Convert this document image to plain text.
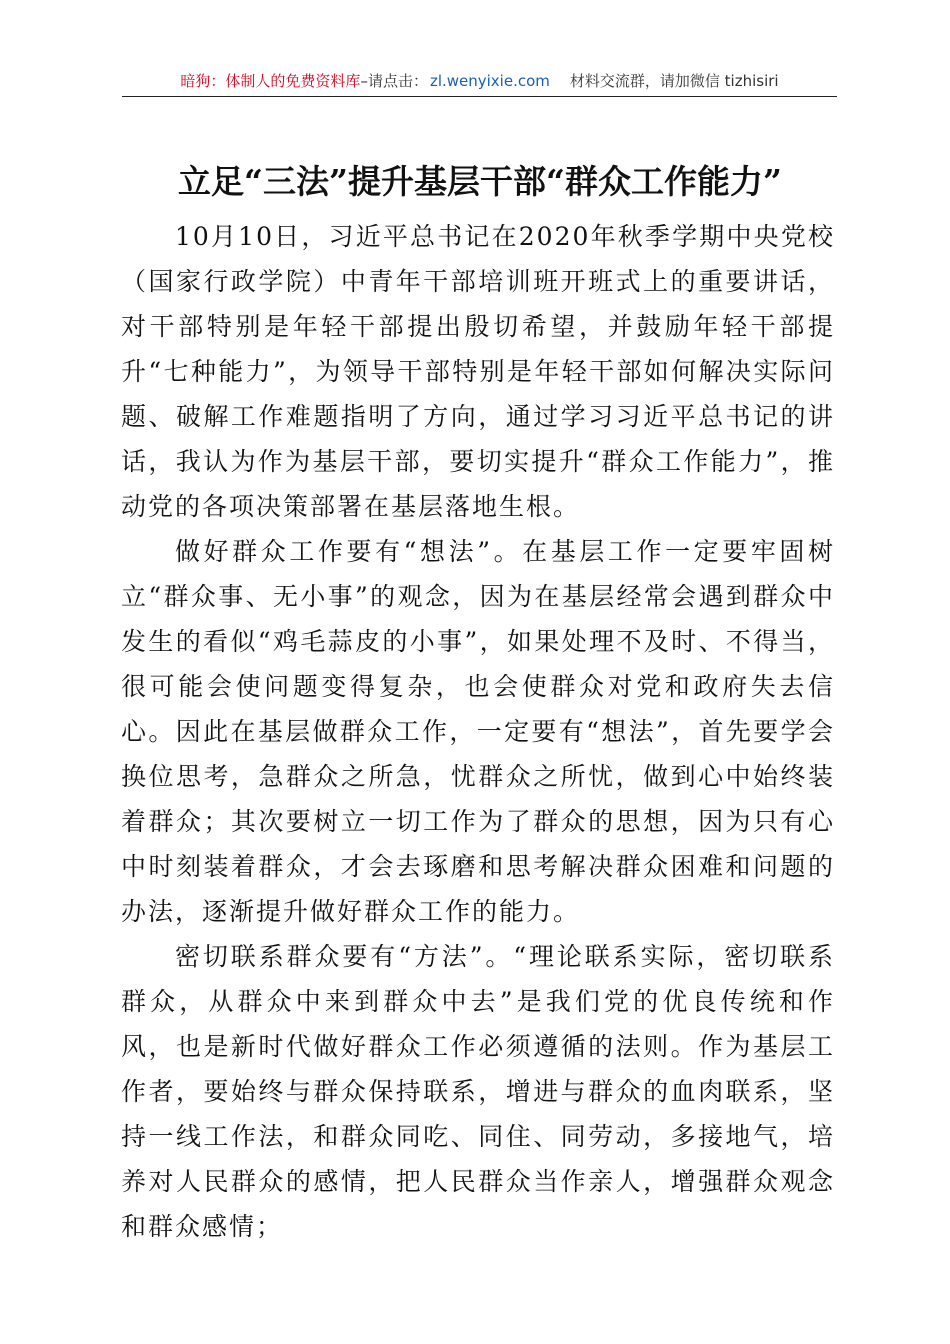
暗狗：体制人的免费资料库–请点击： zl.wenyixie.com 材料交流群，请加微信 tizhisiri
立足“三法”提升基层干部“群众工作能力”

10月10日，习近平总书记在2020年秋季学期中央党校（国家行政学院）中青年干部培训班开班式上的重要讲话，对干部特别是年轻干部提出殷切希望，并鼓励年轻干部提升“七种能力”，为领导干部特别是年轻干部如何解决实际问题、破解工作难题指明了方向，通过学习习近平总书记的讲话，我认为作为基层干部，要切实提升“群众工作能力”，推动党的各项决策部署在基层落地生根。

做好群众工作要有“想法”。在基层工作一定要牢固树立“群众事、无小事”的观念，因为在基层经常会遇到群众中发生的看似“鸡毛蒜皮的小事”，如果处理不及时、不得当，很可能会使问题变得复杂，也会使群众对党和政府失去信心。因此在基层做群众工作，一定要有“想法”，首先要学会换位思考，急群众之所急，忧群众之所忧，做到心中始终装着群众；其次要树立一切工作为了群众的思想，因为只有心中时刻装着群众，才会去琢磨和思考解决群众困难和问题的办法，逐渐提升做好群众工作的能力。

密切联系群众要有“方法”。“理论联系实际，密切联系群众，从群众中来到群众中去”是我们党的优良传统和作风，也是新时代做好群众工作必须遵循的法则。作为基层工作者，要始终与群众保持联系，增进与群众的血肉联系，坚持一线工作法，和群众同吃、同住、同劳动，多接地气，培养对人民群众的感情，把人民群众当作亲人，增强群众观念和群众感情；
